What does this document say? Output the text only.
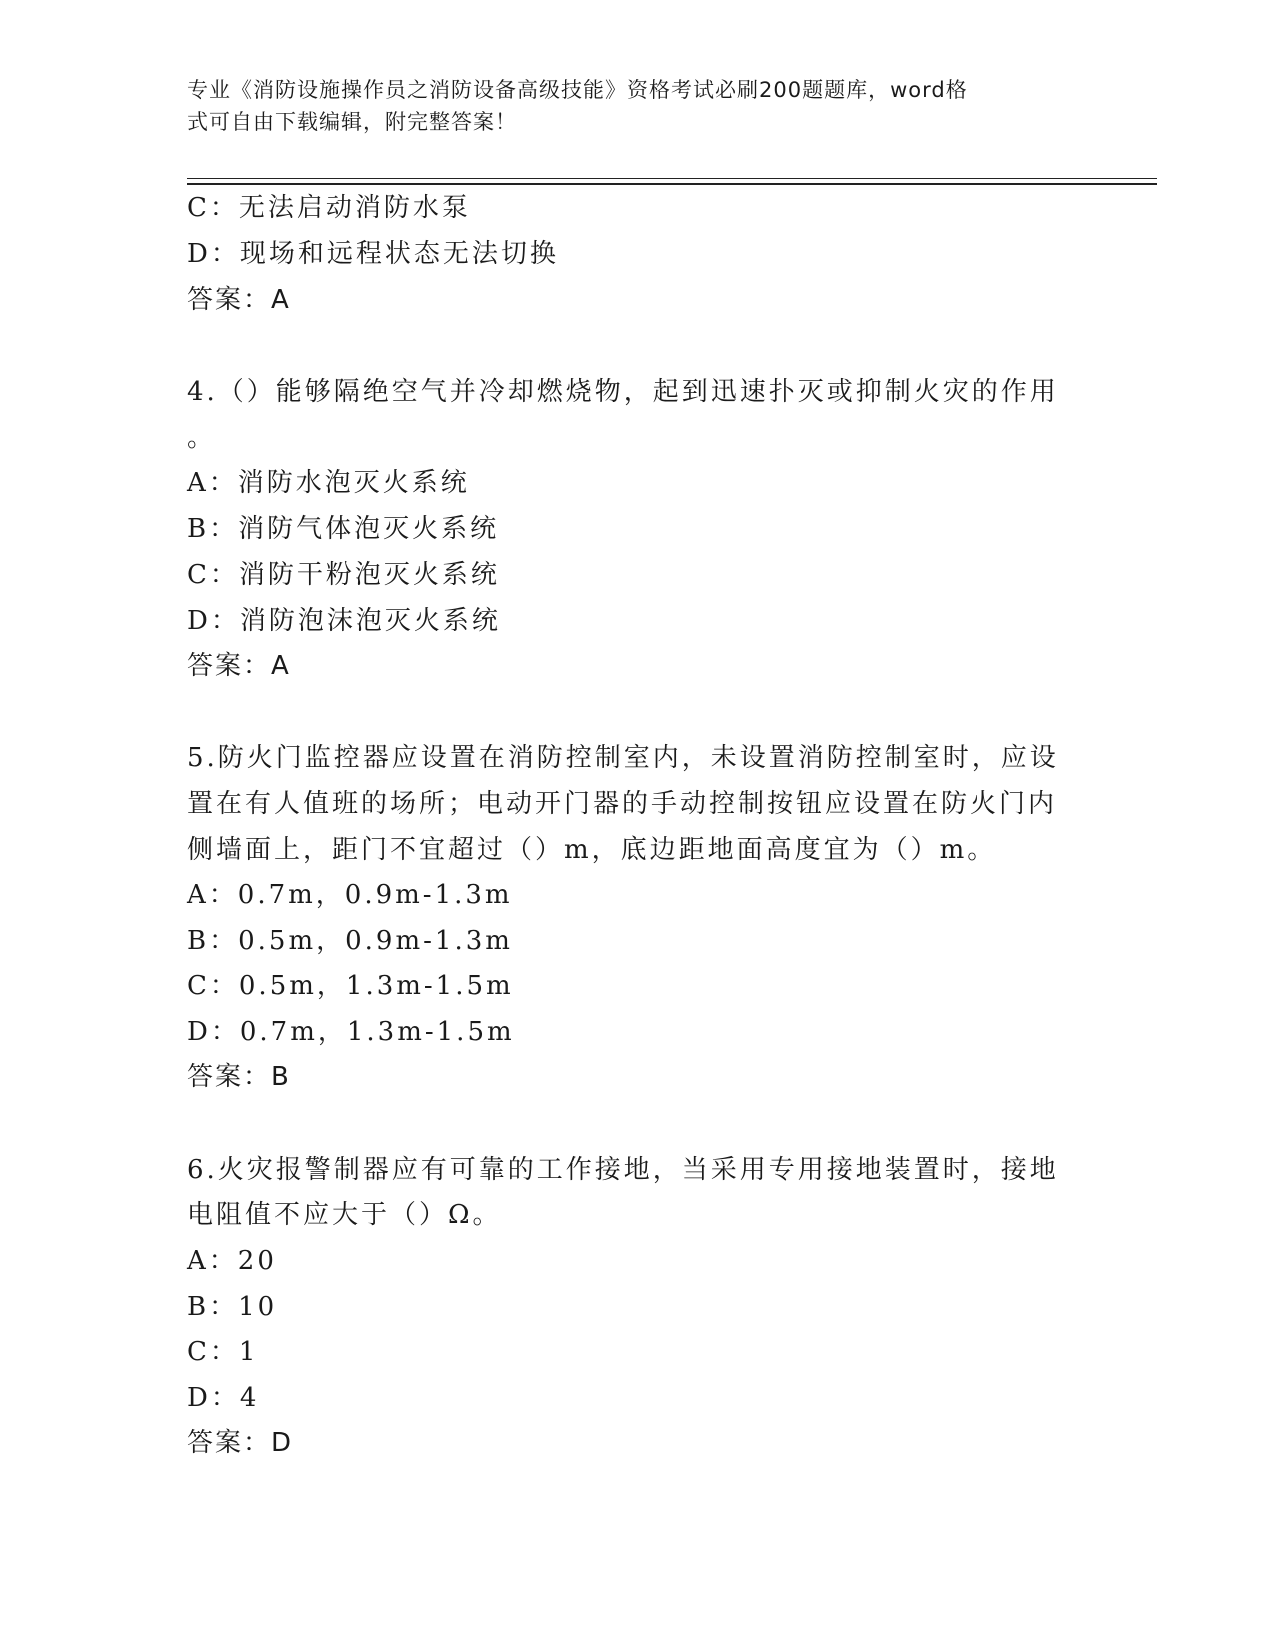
专业《消防设施操作员之消防设备高级技能》资格考试必刷200题题库，word格
式可自由下载编辑，附完整答案！
C：无法启动消防水泵
D：现场和远程状态无法切换
答案：A
4.（）能够隔绝空气并冷却燃烧物，起到迅速扑灭或抑制火灾的作用
。
A：消防水泡灭火系统
B：消防气体泡灭火系统
C：消防干粉泡灭火系统
D：消防泡沫泡灭火系统
答案：A
5.防火门监控器应设置在消防控制室内，未设置消防控制室时，应设
置在有人值班的场所；电动开门器的手动控制按钮应设置在防火门内
侧墙面上，距门不宜超过（）m，底边距地面高度宜为（）m。
A：0.7m，0.9m-1.3m
B：0.5m，0.9m-1.3m
C：0.5m，1.3m-1.5m
D：0.7m，1.3m-1.5m
答案：B
6.火灾报警制器应有可靠的工作接地，当采用专用接地装置时，接地
电阻值不应大于（）Ω。
A：20
B：10
C：1
D：4
答案：D
